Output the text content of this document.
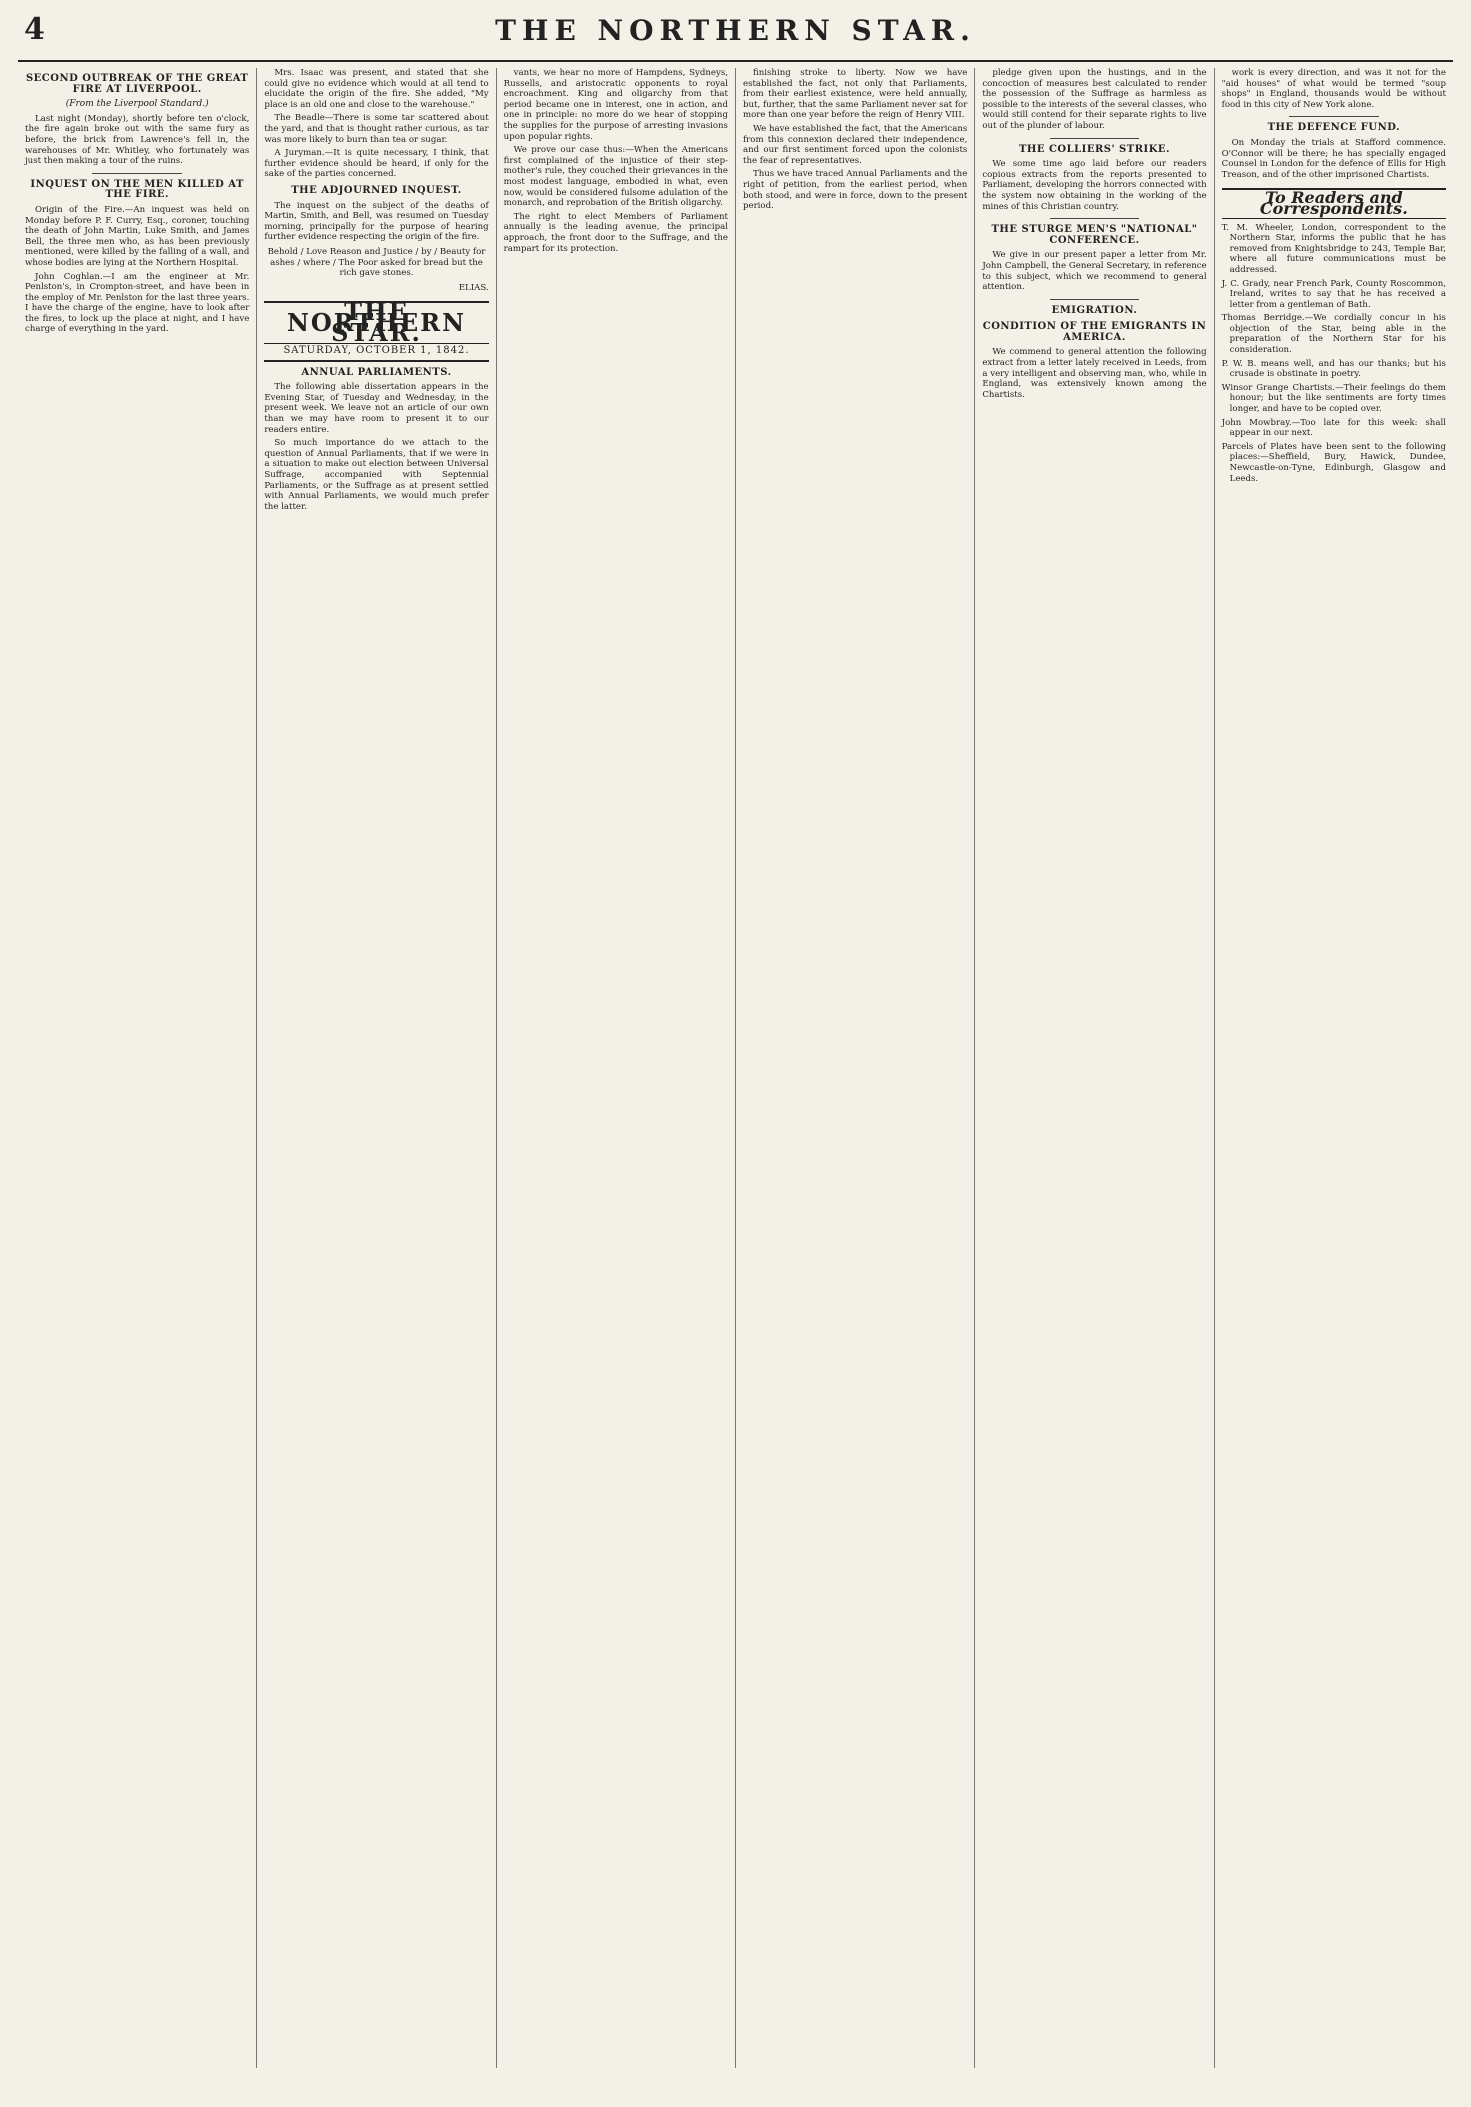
4	THE NORTHERN STAR.
SECOND OUTBREAK OF THE GREAT FIRE AT LIVERPOOL.
(From the Liverpool Standard.)

Last night (Monday), shortly before ten o'clock, the fire again broke out with the same fury as before, the brick from Lawrence's fell in, the warehouses of Mr. Whitley, who fortunately was just then making a tour of the ruins.

INQUEST ON THE MEN KILLED AT THE FIRE.

Origin of the Fire.—An inquest was held on Monday before P. F. Curry, Esq., coroner, touching the death of John Martin, Luke Smith, and James Bell, the three men who, as has been previously mentioned, were killed by the falling of a wall, and whose bodies are lying at the Northern Hospital.

John Coghlan.—I am the engineer at Mr. Penlston's, in Crompton-street, and have been in the employ of Mr. Penlston for the last three years. I have the charge of the engine, have to look after the fires, to lock up the place at night, and I have charge of everything in the yard.

Mrs. Isaac was present, and stated that she could give no evidence which would at all tend to elucidate the origin of the fire. She added, "My place is an old one and close to the warehouse."

The Beadle—There is some tar scattered about the yard, and that is thought rather curious, as tar was more likely to burn than tea or sugar.

A Juryman.—It is quite necessary, I think, that further evidence should be heard, if only for the sake of the parties concerned.

THE ADJOURNED INQUEST.

The inquest on the subject of the deaths of Martin, Smith, and Bell, was resumed on Tuesday morning, principally for the purpose of hearing further evidence respecting the origin of the fire.

Behold / Love Reason and Justice / by / Beauty for ashes / where / The Poor asked for bread but the rich gave stones.
ELIAS.
THE NORTHERN STAR.
SATURDAY, OCTOBER 1, 1842.
ANNUAL PARLIAMENTS.

The following able dissertation appears in the Evening Star, of Tuesday and Wednesday, in the present week. We leave not an article of our own than we may have room to present it to our readers entire.

So much importance do we attach to the question of Annual Parliaments, that if we were in a situation to make out election between Universal Suffrage, accompanied with Septennial Parliaments, or the Suffrage as at present settled with Annual Parliaments, we would much prefer the latter.

vants, we hear no more of Hampdens, Sydneys, Russells, and aristocratic opponents to royal encroachment. King and oligarchy from that period became one in interest, one in action, and one in principle: no more do we hear of stopping the supplies for the purpose of arresting invasions upon popular rights.

We prove our case thus:—When the Americans first complained of the injustice of their step-mother's rule, they couched their grievances in the most modest language, embodied in what, even now, would be considered fulsome adulation of the monarch, and reprobation of the British oligarchy.

The right to elect Members of Parliament annually is the leading avenue, the principal approach, the front door to the Suffrage, and the rampart for its protection.

finishing stroke to liberty. Now we have established the fact, not only that Parliaments, from their earliest existence, were held annually, but, further, that the same Parliament never sat for more than one year before the reign of Henry VIII.

We have established the fact, that the Americans from this connexion declared their independence, and our first sentiment forced upon the colonists the fear of representatives.

Thus we have traced Annual Parliaments and the right of petition, from the earliest period, when both stood, and were in force, down to the present period.

pledge given upon the hustings, and in the concoction of measures best calculated to render the possession of the Suffrage as harmless as possible to the interests of the several classes, who would still contend for their separate rights to live out of the plunder of labour.

THE COLLIERS' STRIKE.

We some time ago laid before our readers copious extracts from the reports presented to Parliament, developing the horrors connected with the system now obtaining in the working of the mines of this Christian country.

THE STURGE MEN'S "NATIONAL" CONFERENCE.

We give in our present paper a letter from Mr. John Campbell, the General Secretary, in reference to this subject, which we recommend to general attention.

EMIGRATION.
CONDITION OF THE EMIGRANTS IN AMERICA.

We commend to general attention the following extract from a letter lately received in Leeds, from a very intelligent and observing man, who, while in England, was extensively known among the Chartists.

work is every direction, and was it not for the "aid houses" of what would be termed "soup shops" in England, thousands would be without food in this city of New York alone.

THE DEFENCE FUND.

On Monday the trials at Stafford commence. O'Connor will be there; he has specially engaged Counsel in London for the defence of Ellis for High Treason, and of the other imprisoned Chartists.

To Readers and Correspondents.

T. M. Wheeler, London, correspondent to the Northern Star, informs the public that he has removed from Knightsbridge to 243, Temple Bar, where all future communications must be addressed.

J. C. Grady, near French Park, County Roscommon, Ireland, writes to say that he has received a letter from a gentleman of Bath.

Thomas Berridge.—We cordially concur in his objection of the Star, being able in the preparation of the Northern Star for his consideration.

P. W. B. means well, and has our thanks; but his crusade is obstinate in poetry.

Winsor Grange Chartists.—Their feelings do them honour; but the like sentiments are forty times longer, and have to be copied over.

John Mowbray.—Too late for this week: shall appear in our next.

Parcels of Plates have been sent to the following places:—Sheffield, Bury, Hawick, Dundee, Newcastle-on-Tyne, Edinburgh, Glasgow and Leeds.
